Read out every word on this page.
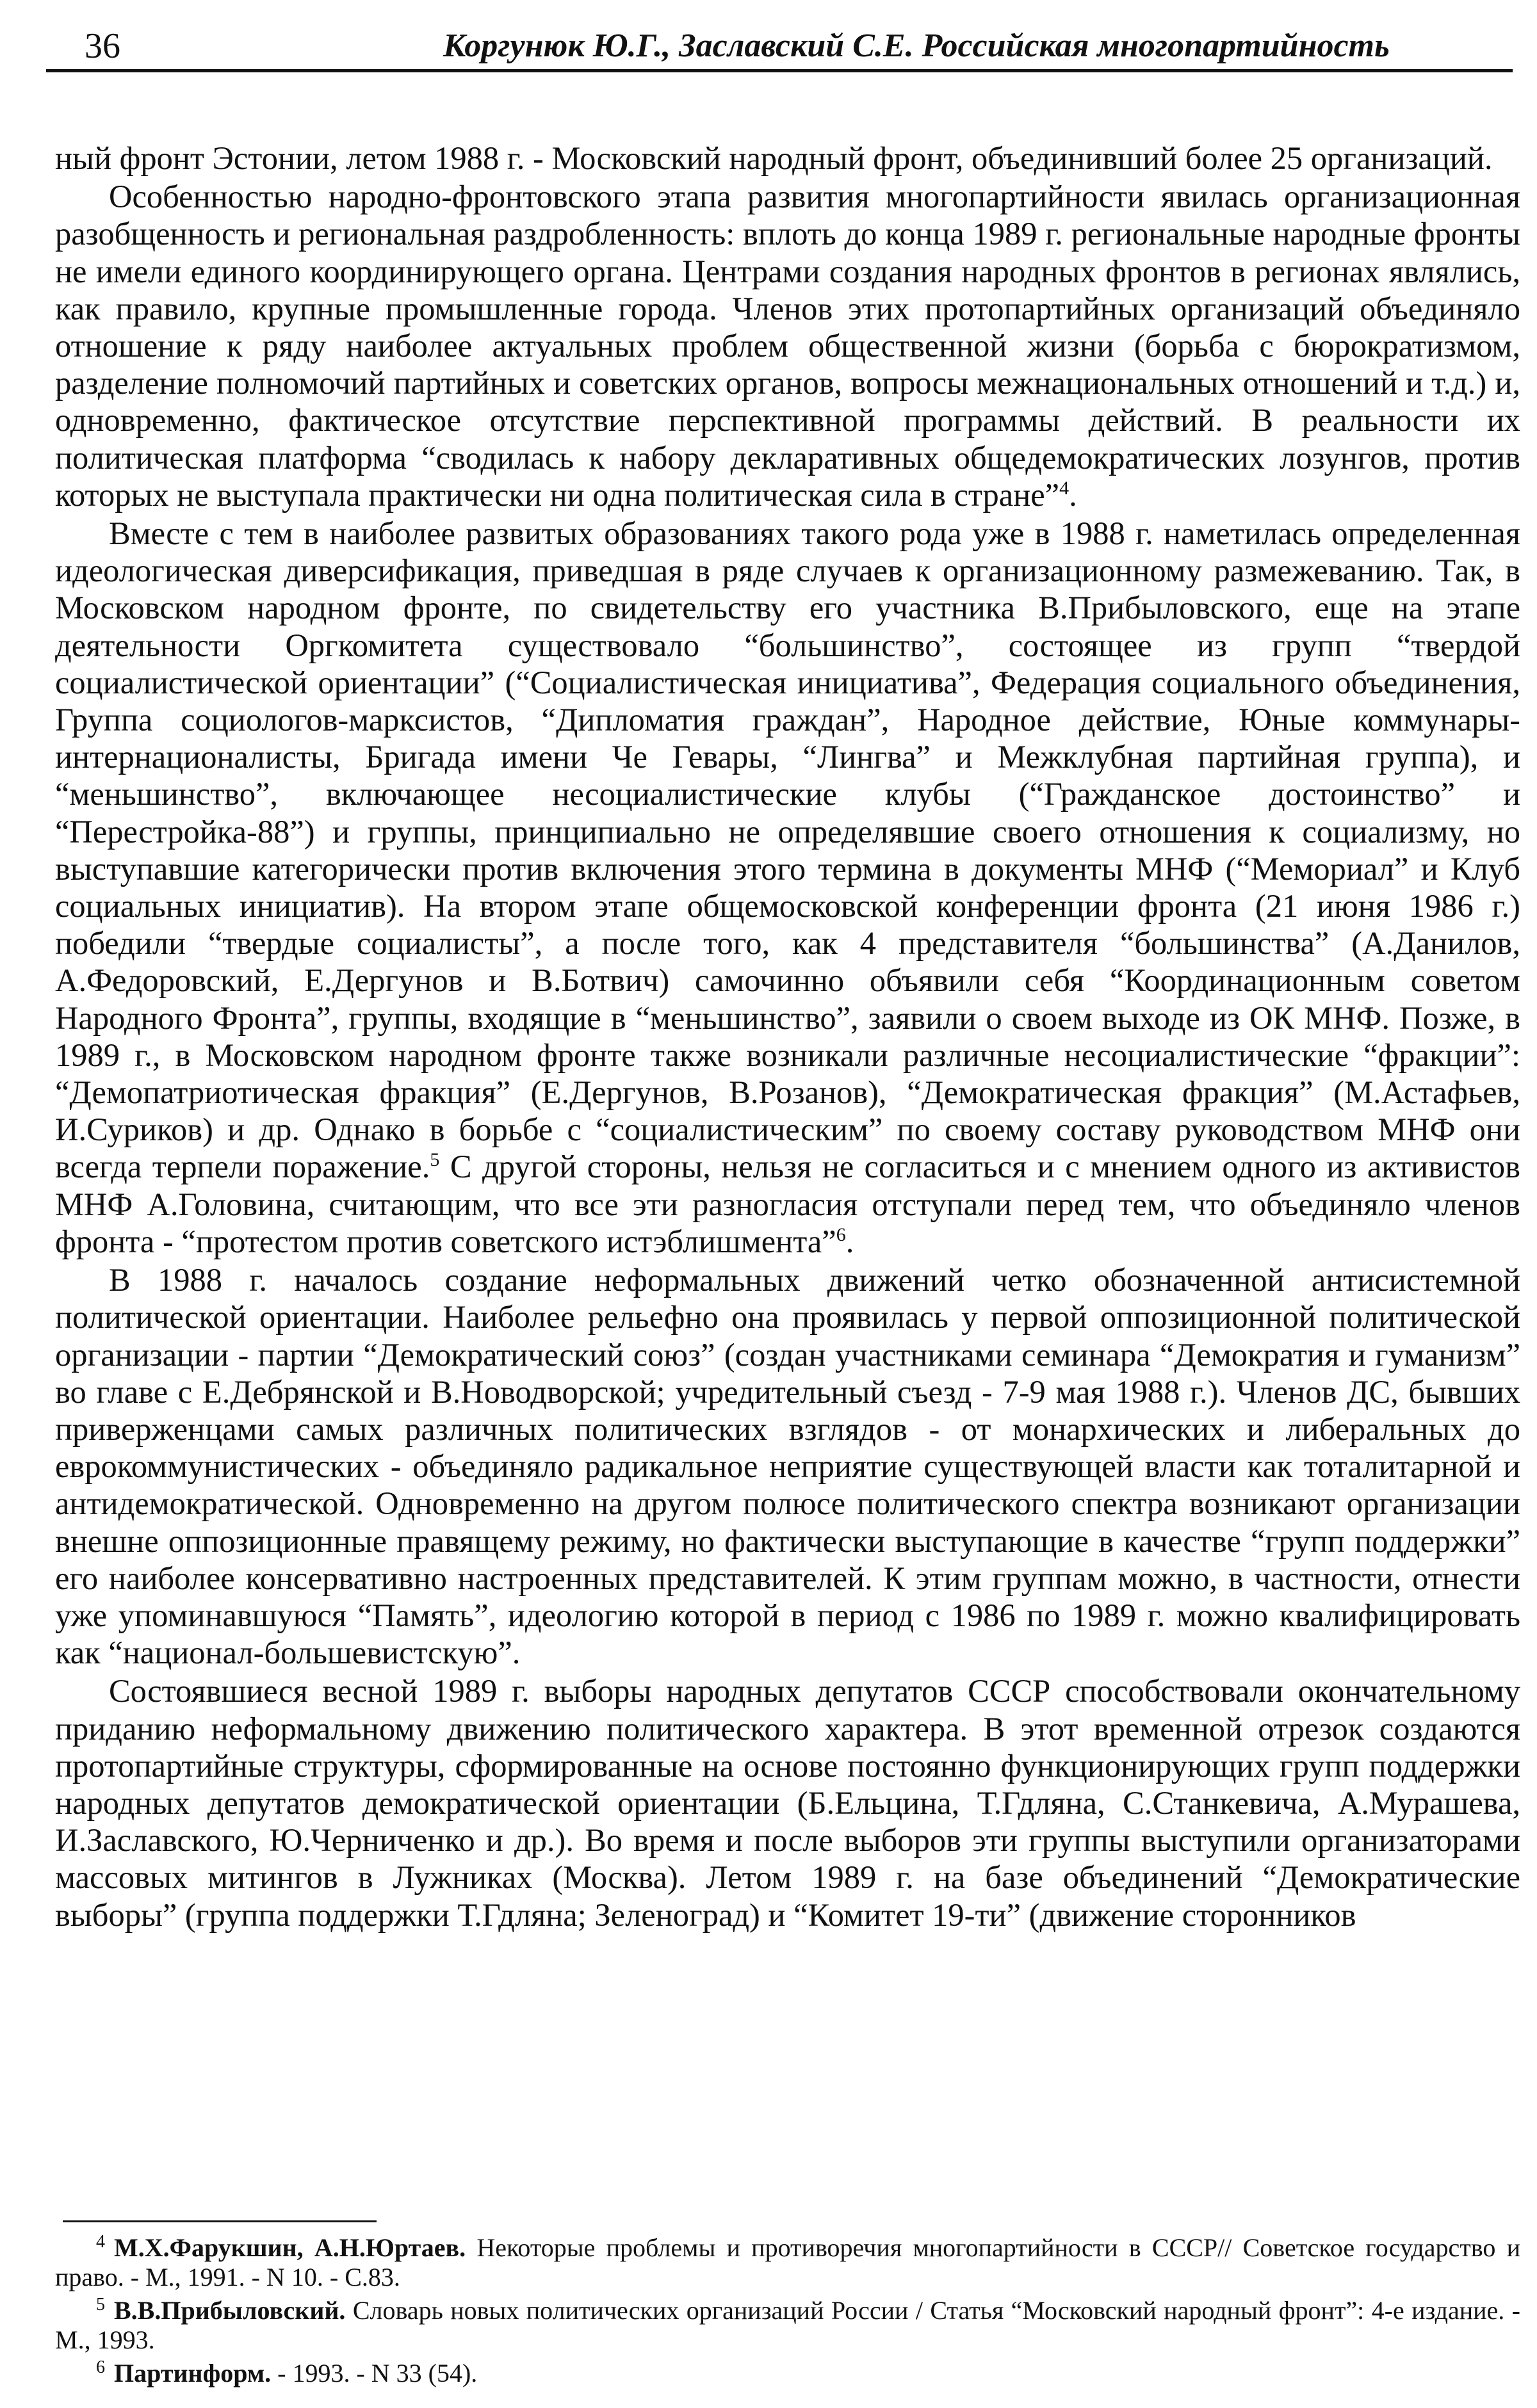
36	Коргунюк Ю.Г., Заславский С.Е. Российская многопартийность

ный фронт Эстонии, летом 1988 г. - Московский народный фронт, объединивший более 25 организаций.

Особенностью народно-фронтовского этапа развития многопартийности явилась организационная разобщенность и региональная раздробленность: вплоть до конца 1989 г. региональные народные фронты не имели единого координирующего органа. Центрами создания народных фронтов в регионах являлись, как правило, крупные промышленные города. Членов этих протопартийных организаций объединяло отношение к ряду наиболее актуальных проблем общественной жизни (борьба с бюрократизмом, разделение полномочий партийных и советских органов, вопросы межнациональных отношений и т.д.) и, одновременно, фактическое отсутствие перспективной программы действий. В реальности их политическая платформа “сводилась к набору декларативных общедемократических лозунгов, против которых не выступала практически ни одна политическая сила в стране”$^4$.

Вместе с тем в наиболее развитых образованиях такого рода уже в 1988 г. наметилась определенная идеологическая диверсификация, приведшая в ряде случаев к организационному размежеванию. Так, в Московском народном фронте, по свидетельству его участника В.Прибыловского, еще на этапе деятельности Оргкомитета существовало “большинство”, состоящее из групп “твердой социалистической ориентации” (“Социалистическая инициатива”, Федерация социального объединения, Группа социологов-марксистов, “Дипломатия граждан”, Народное действие, Юные коммунары-интернационалисты, Бригада имени Че Гевары, “Лингва” и Межклубная партийная группа), и “меньшинство”, включающее несоциалистические клубы (“Гражданское достоинство” и “Перестройка-88”) и группы, принципиально не определявшие своего отношения к социализму, но выступавшие категорически против включения этого термина в документы МНФ (“Мемориал” и Клуб социальных инициатив). На втором этапе общемосковской конференции фронта (21 июня 1986 г.) победили “твердые социалисты”, а после того, как 4 представителя “большинства” (А.Данилов, А.Федоровский, Е.Дергунов и В.Ботвич) самочинно объявили себя “Координационным советом Народного Фронта”, группы, входящие в “меньшинство”, заявили о своем выходе из ОК МНФ. Позже, в 1989 г., в Московском народном фронте также возникали различные несоциалистические “фракции”: “Демопатриотическая фракция” (Е.Дергунов, В.Розанов), “Демократическая фракция” (М.Астафьев, И.Суриков) и др. Однако в борьбе с “социалистическим” по своему составу руководством МНФ они всегда терпели поражение.$^5$ С другой стороны, нельзя не согласиться и с мнением одного из активистов МНФ А.Головина, считающим, что все эти разногласия отступали перед тем, что объединяло членов фронта - “протестом против советского истэблишмента”$^6$.

В 1988 г. началось создание неформальных движений четко обозначенной антисистемной политической ориентации. Наиболее рельефно она проявилась у первой оппозиционной политической организации - партии “Демократический союз” (создан участниками семинара “Демократия и гуманизм” во главе с Е.Дебрянской и В.Новодворской; учредительный съезд - 7-9 мая 1988 г.). Членов ДС, бывших приверженцами самых различных политических взглядов - от монархических и либеральных до еврокоммунистических - объединяло радикальное неприятие существующей власти как тоталитарной и антидемократической. Одновременно на другом полюсе политического спектра возникают организации внешне оппозиционные правящему режиму, но фактически выступающие в качестве “групп поддержки” его наиболее консервативно настроенных представителей. К этим группам можно, в частности, отнести уже упоминавшуюся “Память”, идеологию которой в период с 1986 по 1989 г. можно квалифицировать как “национал-большевистскую”.

Состоявшиеся весной 1989 г. выборы народных депутатов СССР способствовали окончательному приданию неформальному движению политического характера. В этот временной отрезок создаются протопартийные структуры, сформированные на основе постоянно функционирующих групп поддержки народных депутатов демократической ориентации (Б.Ельцина, Т.Гдляна, С.Станкевича, А.Мурашева, И.Заславского, Ю.Черниченко и др.). Во время и после выборов эти группы выступили организаторами массовых митингов в Лужниках (Москва). Летом 1989 г. на базе объединений “Демократические выборы” (группа поддержки Т.Гдляна; Зеленоград) и “Комитет 19-ти” (движение сторонников

$^4$ М.Х.Фарукшин, А.Н.Юртаев. Некоторые проблемы и противоречия многопартийности в СССР// Советское государство и право. - М., 1991. - N 10. - С.83.
$^5$ В.В.Прибыловский. Словарь новых политических организаций России / Статья “Московский народный фронт”: 4-е издание. - М., 1993.
$^6$ Партинформ. - 1993. - N 33 (54).
